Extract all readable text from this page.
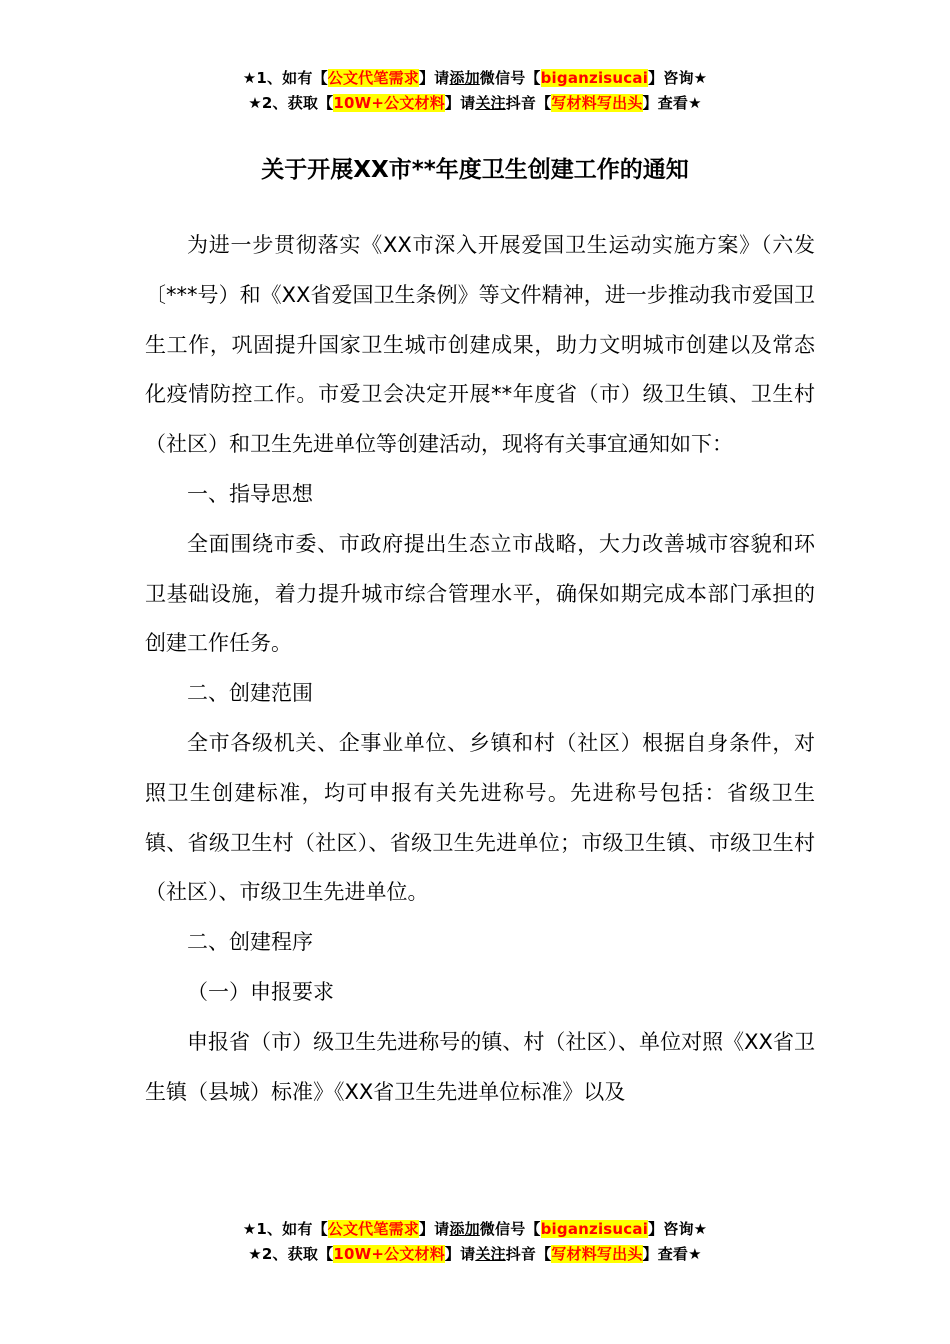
★1、如有【公文代笔需求】请添加微信号【biganzisucai】咨询★
★2、获取【10W+公文材料】请关注抖音【写材料写出头】查看★
关于开展XX市**年度卫生创建工作的通知

为进一步贯彻落实《XX市深入开展爱国卫生运动实施方案》（六发〔***号）和《XX省爱国卫生条例》等文件精神，进一步推动我市爱国卫生工作，巩固提升国家卫生城市创建成果，助力文明城市创建以及常态化疫情防控工作。市爱卫会决定开展**年度省（市）级卫生镇、卫生村（社区）和卫生先进单位等创建活动，现将有关事宜通知如下：

一、指导思想

全面围绕市委、市政府提出生态立市战略，大力改善城市容貌和环卫基础设施，着力提升城市综合管理水平，确保如期完成本部门承担的创建工作任务。

二、创建范围

全市各级机关、企事业单位、乡镇和村（社区）根据自身条件，对照卫生创建标准，均可申报有关先进称号。先进称号包括：省级卫生镇、省级卫生村（社区）、省级卫生先进单位；市级卫生镇、市级卫生村（社区）、市级卫生先进单位。

二、创建程序

（一）申报要求

申报省（市）级卫生先进称号的镇、村（社区）、单位对照《XX省卫生镇（县城）标准》《XX省卫生先进单位标准》以及

★1、如有【公文代笔需求】请添加微信号【biganzisucai】咨询★
★2、获取【10W+公文材料】请关注抖音【写材料写出头】查看★
